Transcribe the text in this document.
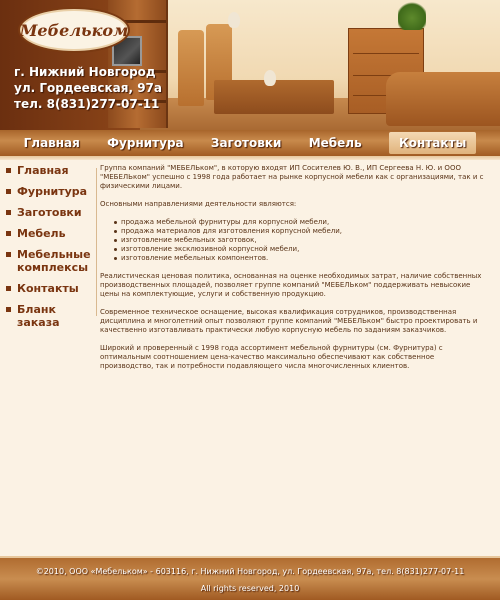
Мебельком
г. Нижний Новгород
ул. Гордеевская, 97а
тел. 8(831)277-07-11
Главная Фурнитура Заготовки Мебель	Контакты
Главная
Фурнитура
Заготовки
Мебель
Мебельные комплексы
Контакты
Бланк заказа

Группа компаний "МЕБЕЛЬком", в которую входят ИП Сосителев Ю. В., ИП Сергеева Н. Ю. и ООО "МЕБЕЛЬком" успешно с 1998 года работает на рынке корпусной мебели как с организациями, так и с физическими лицами.

Основными направлениями деятельности являются:

продажа мебельной фурнитуры для корпусной мебели,
продажа материалов для изготовления корпусной мебели,
изготовление мебельных заготовок,
изготовление эксклюзивной корпусной мебели,
изготовление мебельных компонентов.

Реалистическая ценовая политика, основанная на оценке необходимых затрат, наличие собственных производственных площадей, позволяет группе компаний "МЕБЕЛЬком" поддерживать невысокие цены на комплектующие, услуги и собственную продукцию.

Современное техническое оснащение, высокая квалификация сотрудников, производственная дисциплина и многолетний опыт позволяют группе компаний "МЕБЕЛЬком" быстро проектировать и качественно изготавливать практически любую корпусную мебель по заданиям заказчиков.

Широкий и проверенный с 1998 года ассортимент мебельной фурнитуры (см. Фурнитура) с оптимальным соотношением цена-качество максимально обеспечивают как собственное производство, так и потребности подавляющего числа многочисленных клиентов.

©2010, ООО «Мебельком» - 603116, г. Нижний Новгород, ул. Гордеевская, 97а, тел. 8(831)277-07-11
All rights reserved, 2010
